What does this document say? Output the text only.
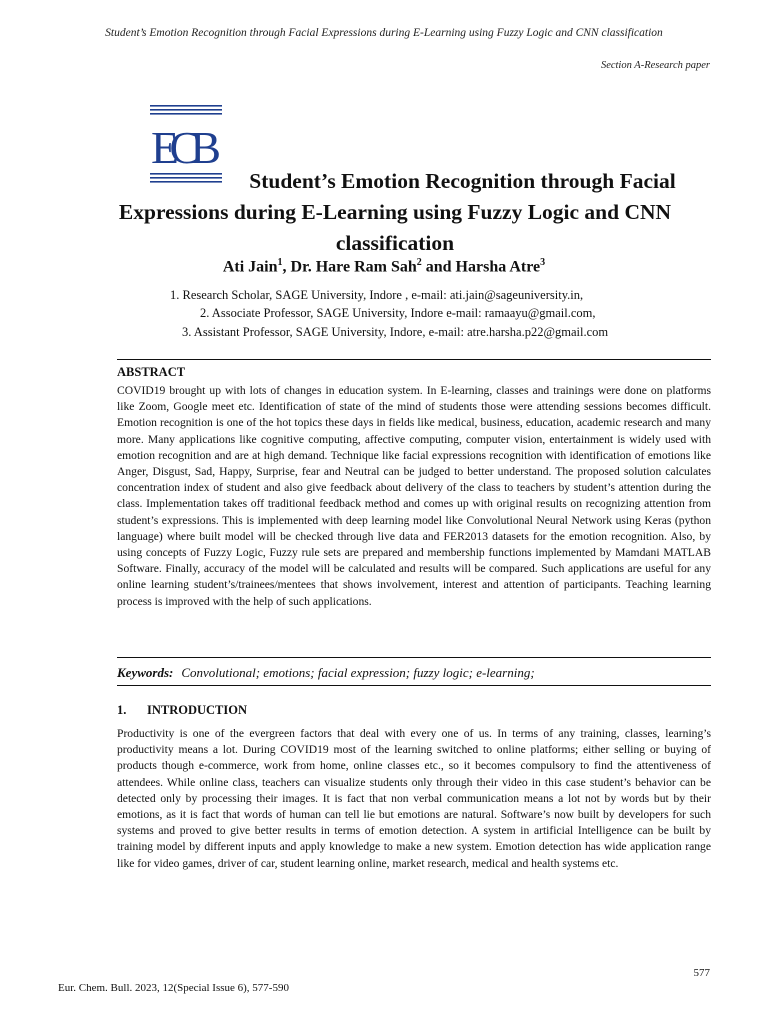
Student’s Emotion Recognition through Facial Expressions during E-Learning using Fuzzy Logic and CNN classification
Section A-Research paper
ECB
Student’s Emotion Recognition through Facial
Expressions during E-Learning using Fuzzy Logic and CNN
classification
Ati Jain$^1$, Dr. Hare Ram Sah$^2$ and Harsha Atre$^3$
1. Research Scholar, SAGE University, Indore , e-mail: ati.jain@sageuniversity.in,
2. Associate Professor, SAGE University, Indore e-mail: ramaayu@gmail.com,
3. Assistant Professor, SAGE University, Indore, e-mail: atre.harsha.p22@gmail.com
ABSTRACT
COVID19 brought up with lots of changes in education system. In E-learning, classes and trainings were done on platforms like Zoom, Google meet etc. Identification of state of the mind of students those were attending sessions becomes difficult. Emotion recognition is one of the hot topics these days in fields like medical, business, education, academic research and many more. Many applications like cognitive computing, affective computing, computer vision, entertainment is widely used with emotion recognition and are at high demand. Technique like facial expressions recognition with identification of emotions like Anger, Disgust, Sad, Happy, Surprise, fear and Neutral can be judged to better understand. The proposed solution calculates concentration index of student and also give feedback about delivery of the class to teachers by student’s attention during the class. Implementation takes off traditional feedback method and comes up with original results on recognizing attention from student’s expressions. This is implemented with deep learning model like Convolutional Neural Network using Keras (python language) where built model will be checked through live data and FER2013 datasets for the emotion recognition. Also, by using concepts of Fuzzy Logic, Fuzzy rule sets are prepared and membership functions implemented by Mamdani MATLAB Software. Finally, accuracy of the model will be calculated and results will be compared. Such applications are useful for any online learning student’s/trainees/mentees that shows involvement, interest and attention of participants. Teaching learning process is improved with the help of such applications.
Keywords: Convolutional; emotions; facial expression; fuzzy logic; e-learning;
1. INTRODUCTION
Productivity is one of the evergreen factors that deal with every one of us. In terms of any training, classes, learning’s productivity means a lot. During COVID19 most of the learning switched to online platforms; either selling or buying of products though e-commerce, work from home, online classes etc., so it becomes compulsory to find the attentiveness of attendees. While online class, teachers can visualize students only through their video in this case student’s behavior can be detected only by processing their images. It is fact that non verbal communication means a lot not by words but by their emotions, as it is fact that words of human can tell lie but emotions are natural. Software’s now built by developers for such systems and proved to give better results in terms of emotion detection. A system in artificial Intelligence can be built by training model by different inputs and apply knowledge to make a new system. Emotion detection has wide application range like for video games, driver of car, student learning online, market research, medical and health systems etc.
577
Eur. Chem. Bull. 2023, 12(Special Issue 6), 577-590
